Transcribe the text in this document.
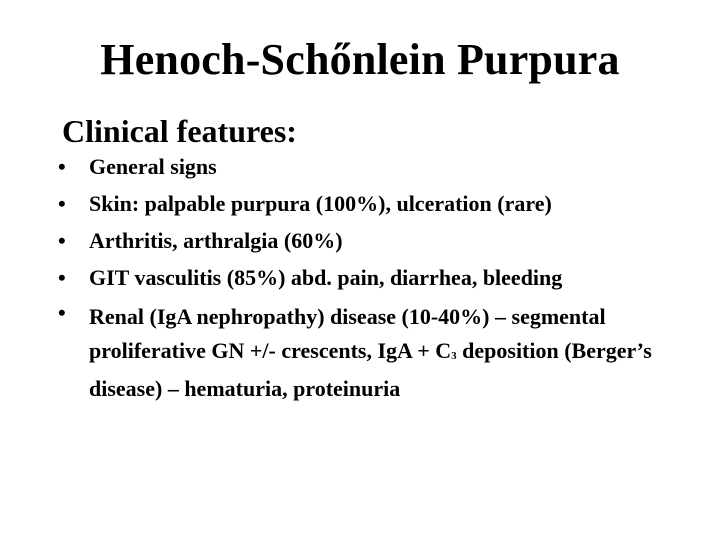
Henoch-Schőnlein Purpura
Clinical features:
• General signs
• Skin: palpable purpura (100%), ulceration (rare)
• Arthritis, arthralgia (60%)
• GIT vasculitis (85%) abd. pain, diarrhea, bleeding
• Renal (IgA nephropathy) disease (10-40%) – segmental proliferative GN +/- crescents, IgA + C3 deposition (Berger’s disease) – hematuria, proteinuria
